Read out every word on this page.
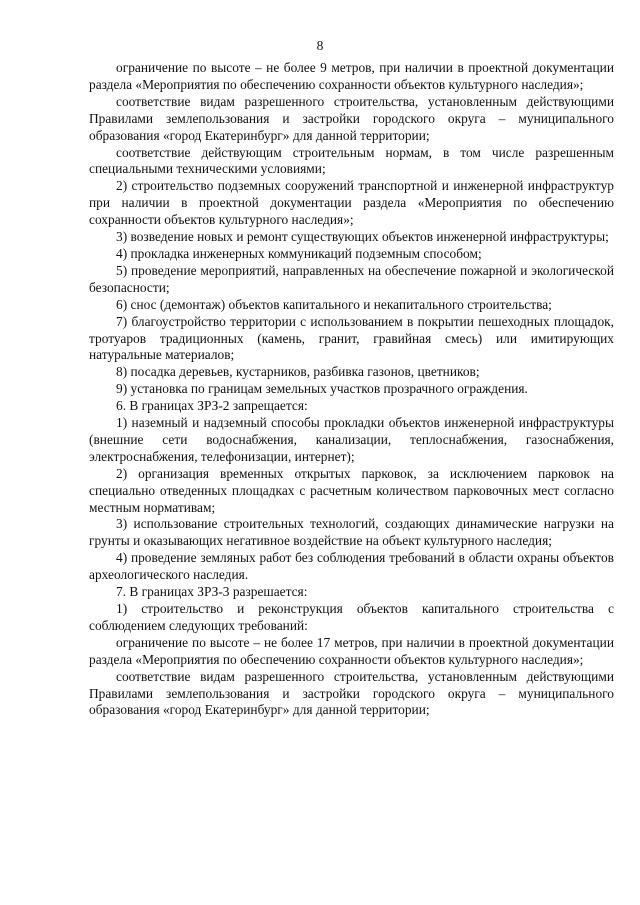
8

ограничение по высоте – не более 9 метров, при наличии в проектной документации раздела «Мероприятия по обеспечению сохранности объектов культурного наследия»;

соответствие видам разрешенного строительства, установленным действующими Правилами землепользования и застройки городского округа – муниципального образования «город Екатеринбург» для данной территории;

соответствие действующим строительным нормам, в том числе разрешенным специальными техническими условиями;

2) строительство подземных сооружений транспортной и инженерной инфраструктур при наличии в проектной документации раздела «Мероприятия по обеспечению сохранности объектов культурного наследия»;

3) возведение новых и ремонт существующих объектов инженерной инфраструктуры;

4) прокладка инженерных коммуникаций подземным способом;

5) проведение мероприятий, направленных на обеспечение пожарной и экологической безопасности;

6) снос (демонтаж) объектов капитального и некапитального строительства;

7) благоустройство территории с использованием в покрытии пешеходных площадок, тротуаров традиционных (камень, гранит, гравийная смесь) или имитирующих натуральные материалов;

8) посадка деревьев, кустарников, разбивка газонов, цветников;

9) установка по границам земельных участков прозрачного ограждения.

6. В границах ЗРЗ-2 запрещается:

1) наземный и надземный способы прокладки объектов инженерной инфраструктуры (внешние сети водоснабжения, канализации, теплоснабжения, газоснабжения, электроснабжения, телефонизации, интернет);

2) организация временных открытых парковок, за исключением парковок на специально отведенных площадках с расчетным количеством парковочных мест согласно местным нормативам;

3) использование строительных технологий, создающих динамические нагрузки на грунты и оказывающих негативное воздействие на объект культурного наследия;

4) проведение земляных работ без соблюдения требований в области охраны объектов археологического наследия.

7. В границах ЗРЗ-3 разрешается:

1) строительство и реконструкция объектов капитального строительства с соблюдением следующих требований:

ограничение по высоте – не более 17 метров, при наличии в проектной документации раздела «Мероприятия по обеспечению сохранности объектов культурного наследия»;

соответствие видам разрешенного строительства, установленным действующими Правилами землепользования и застройки городского округа – муниципального образования «город Екатеринбург» для данной территории;
